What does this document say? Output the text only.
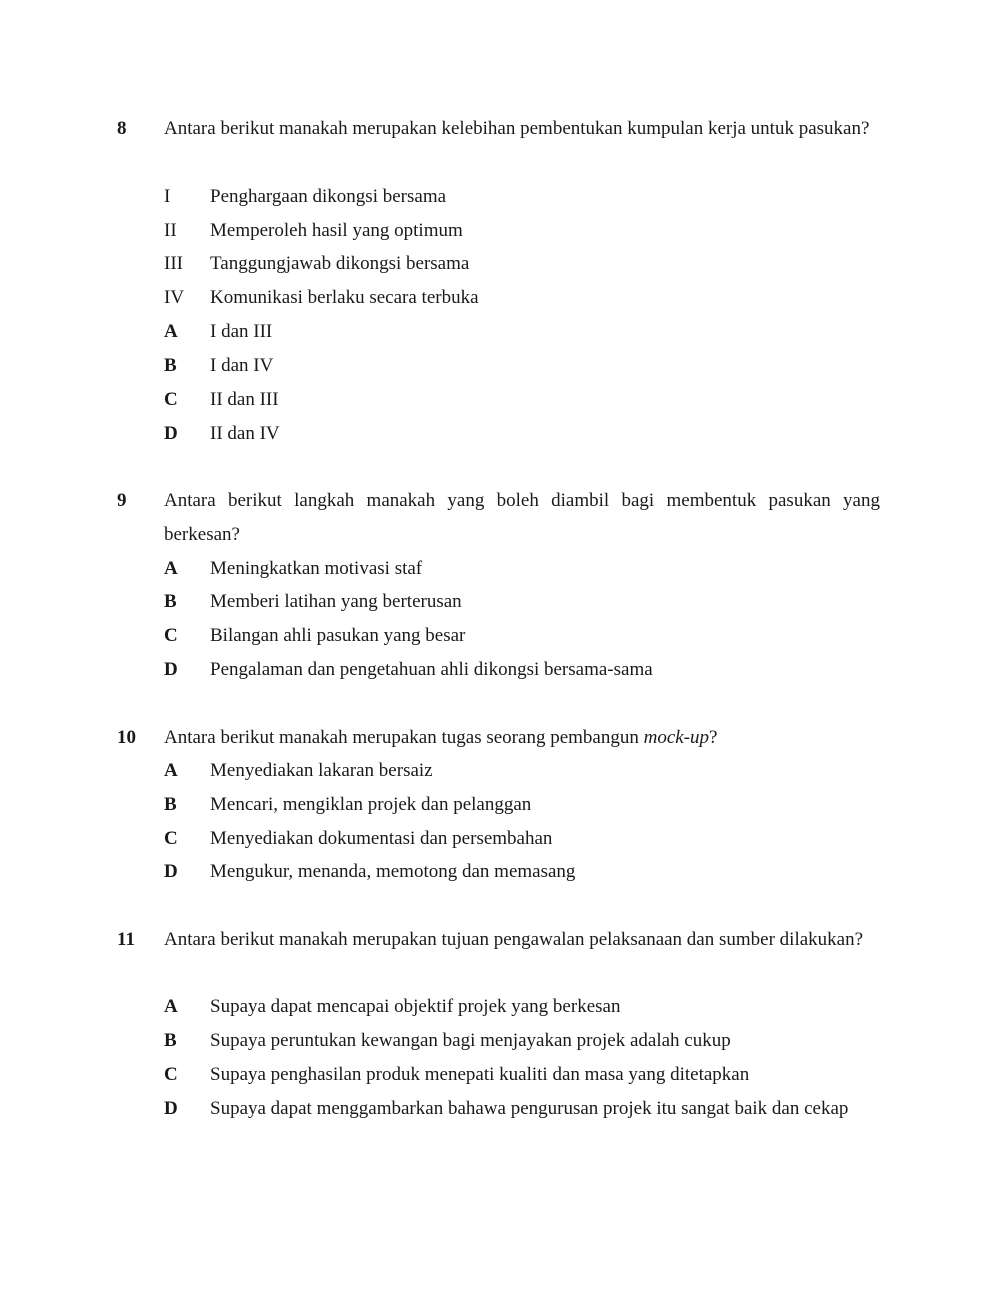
8 Antara berikut manakah merupakan kelebihan pembentukan kumpulan kerja untuk pasukan?

I Penghargaan dikongsi bersama
II Memperoleh hasil yang optimum
III Tanggungjawab dikongsi bersama
IV Komunikasi berlaku secara terbuka
A I dan III
B I dan IV
C II dan III
D II dan IV
9 Antara berikut langkah manakah yang boleh diambil bagi membentuk pasukan yang berkesan?

A Meningkatkan motivasi staf
B Memberi latihan yang berterusan
C Bilangan ahli pasukan yang besar
D Pengalaman dan pengetahuan ahli dikongsi bersama-sama
10 Antara berikut manakah merupakan tugas seorang pembangun mock-up?

A Menyediakan lakaran bersaiz
B Mencari, mengiklan projek dan pelanggan
C Menyediakan dokumentasi dan persembahan
D Mengukur, menanda, memotong dan memasang
11 Antara berikut manakah merupakan tujuan pengawalan pelaksanaan dan sumber dilakukan?

A Supaya dapat mencapai objektif projek yang berkesan
B Supaya peruntukan kewangan bagi menjayakan projek adalah cukup
C Supaya penghasilan produk menepati kualiti dan masa yang ditetapkan
D Supaya dapat menggambarkan bahawa pengurusan projek itu sangat baik dan cekap
